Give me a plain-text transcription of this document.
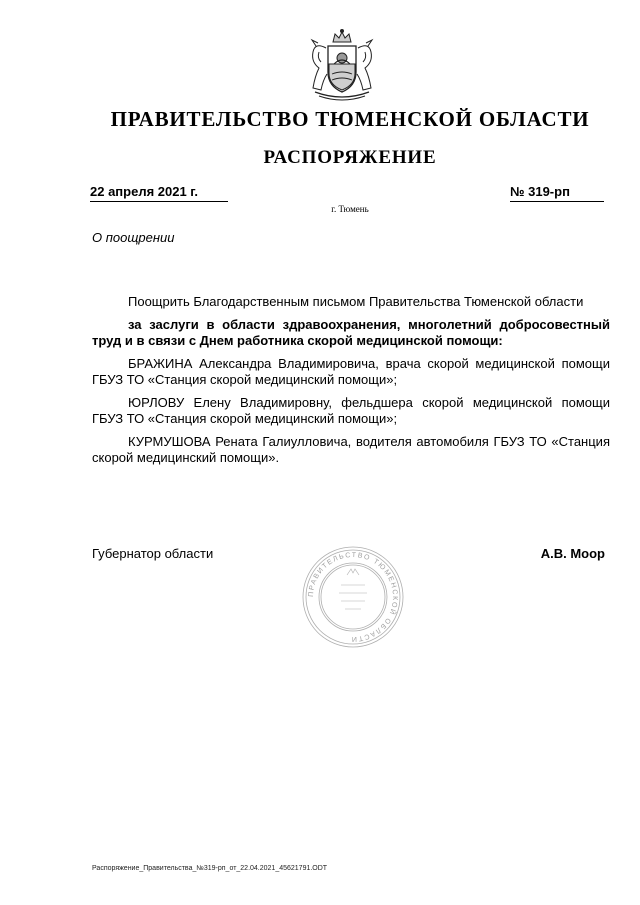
ПРАВИТЕЛЬСТВО ТЮМЕНСКОЙ ОБЛАСТИ
РАСПОРЯЖЕНИЕ
22 апреля 2021 г.	№ 319-рп
г. Тюмень
О поощрении

Поощрить Благодарственным письмом Правительства Тюменской области

за заслуги в области здравоохранения, многолетний добросовестный труд и в связи с Днем работника скорой медицинской помощи:

БРАЖИНА Александра Владимировича, врача скорой медицинской помощи ГБУЗ ТО «Станция скорой медицинский помощи»;

ЮРЛОВУ Елену Владимировну, фельдшера скорой медицинской помощи ГБУЗ ТО «Станция скорой медицинский помощи»;

КУРМУШОВА Рената Галиулловича, водителя автомобиля ГБУЗ ТО «Станция скорой медицинский помощи».

ПРАВИТЕЛЬСТВО ТЮМЕНСКОЙ ОБЛАСТИ
Губернатор области	А.В. Моор
Распоряжение_Правительства_№319-рп_от_22.04.2021_45621791.ODT
